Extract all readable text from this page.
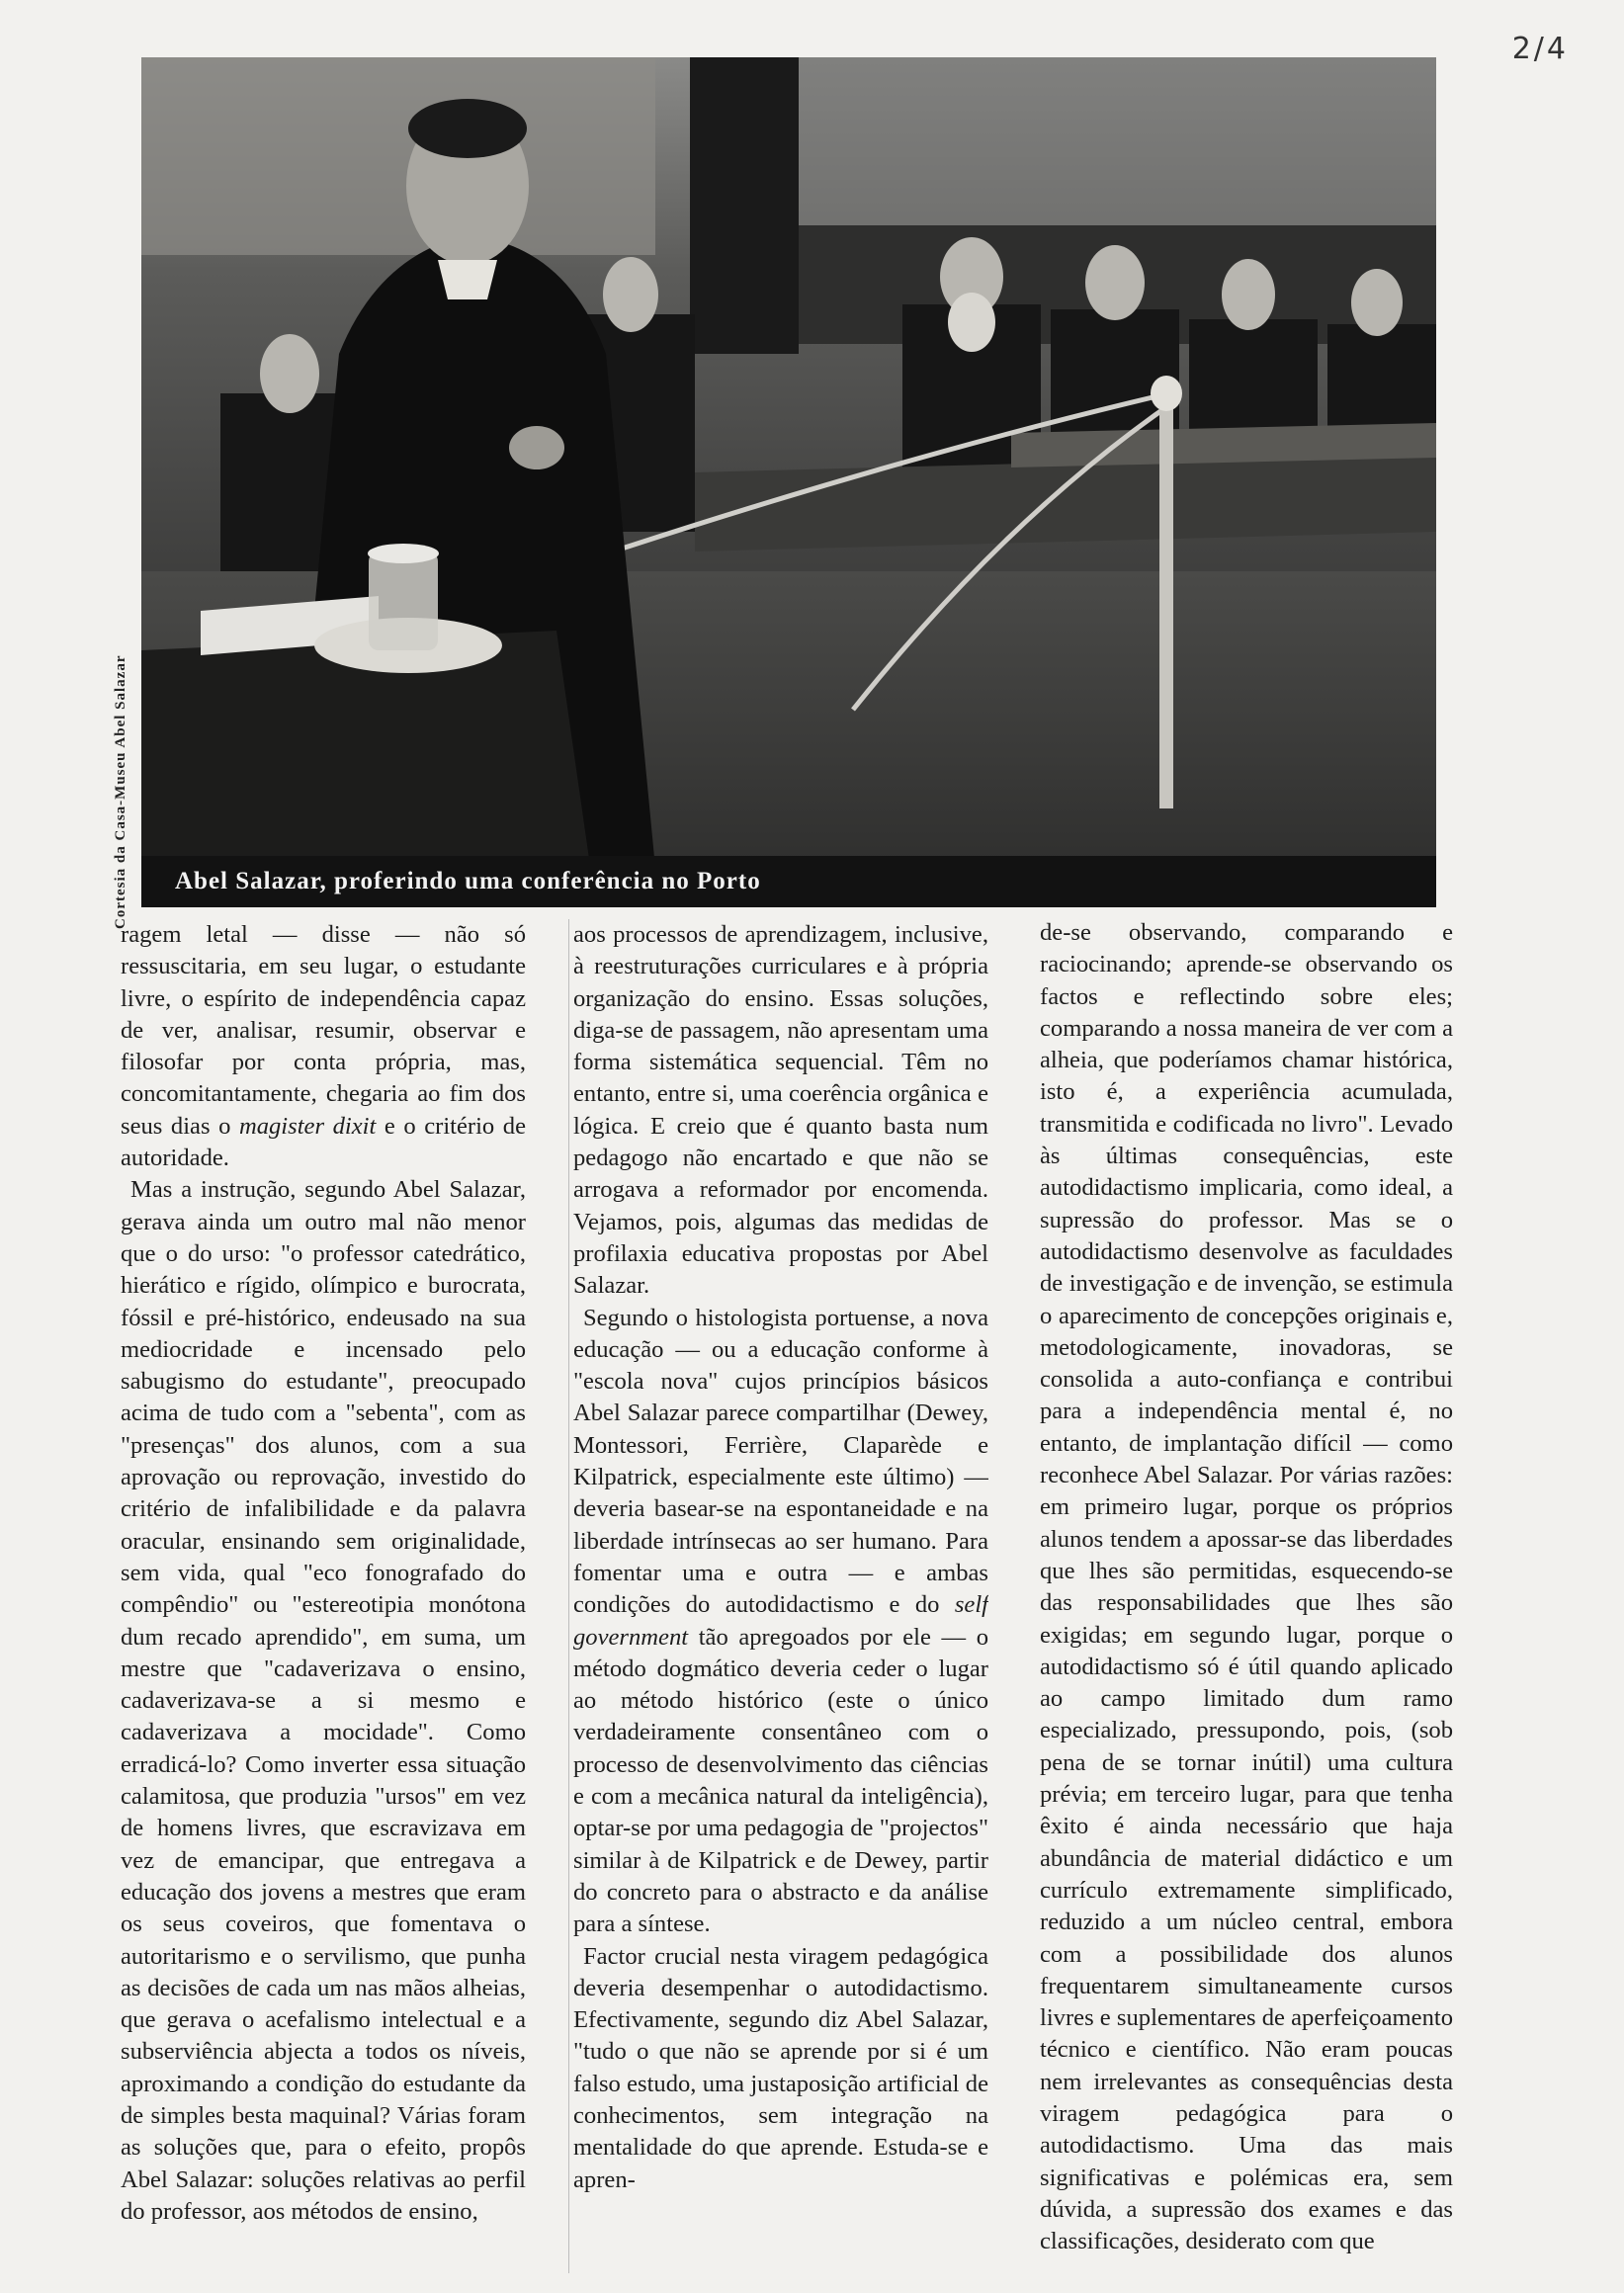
2/4
Abel Salazar, proferindo uma conferência no Porto
Cortesia da Casa-Museu Abel Salazar

ragem letal — disse — não só ressuscitaria, em seu lugar, o estudante livre, o espírito de independência capaz de ver, analisar, resumir, observar e filosofar por conta própria, mas, concomitantamente, chegaria ao fim dos seus dias o magister dixit e o critério de autoridade.

Mas a instrução, segundo Abel Salazar, gerava ainda um outro mal não menor que o do urso: "o professor catedrático, hierático e rígido, olímpico e burocrata, fóssil e pré-histórico, endeusado na sua mediocridade e incensado pelo sabugismo do estudante", preocupado acima de tudo com a "sebenta", com as "presenças" dos alunos, com a sua aprovação ou reprovação, investido do critério de infalibilidade e da palavra oracular, ensinando sem originalidade, sem vida, qual "eco fonografado do compêndio" ou "estereotipia monótona dum recado aprendido", em suma, um mestre que "cadaverizava o ensino, cadaverizava-se a si mesmo e cadaverizava a mocidade". Como erradicá-lo? Como inverter essa situação calamitosa, que produzia "ursos" em vez de homens livres, que escravizava em vez de emancipar, que entregava a educação dos jovens a mestres que eram os seus coveiros, que fomentava o autoritarismo e o servilismo, que punha as decisões de cada um nas mãos alheias, que gerava o acefalismo intelectual e a subserviência abjecta a todos os níveis, aproximando a condição do estudante da de simples besta maquinal? Várias foram as soluções que, para o efeito, propôs Abel Salazar: soluções relativas ao perfil do professor, aos métodos de ensino,

aos processos de aprendizagem, inclusive, à reestruturações curriculares e à própria organização do ensino. Essas soluções, diga-se de passagem, não apresentam uma forma sistemática sequencial. Têm no entanto, entre si, uma coerência orgânica e lógica. E creio que é quanto basta num pedagogo não encartado e que não se arrogava a reformador por encomenda. Vejamos, pois, algumas das medidas de profilaxia educativa propostas por Abel Salazar.

Segundo o histologista portuense, a nova educação — ou a educação conforme à "escola nova" cujos princípios básicos Abel Salazar parece compartilhar (Dewey, Montessori, Ferrière, Claparède e Kilpatrick, especialmente este último) — deveria basear-se na espontaneidade e na liberdade intrínsecas ao ser humano. Para fomentar uma e outra — e ambas condições do autodidactismo e do self government tão apregoados por ele — o método dogmático deveria ceder o lugar ao método histórico (este o único verdadeiramente consentâneo com o processo de desenvolvimento das ciências e com a mecânica natural da inteligência), optar-se por uma pedagogia de "projectos" similar à de Kilpatrick e de Dewey, partir do concreto para o abstracto e da análise para a síntese.

Factor crucial nesta viragem pedagógica deveria desempenhar o autodidactismo. Efectivamente, segundo diz Abel Salazar, "tudo o que não se aprende por si é um falso estudo, uma justaposição artificial de conhecimentos, sem integração na mentalidade do que aprende. Estuda-se e apren-

de-se observando, comparando e raciocinando; aprende-se observando os factos e reflectindo sobre eles; comparando a nossa maneira de ver com a alheia, que poderíamos chamar histórica, isto é, a experiência acumulada, transmitida e codificada no livro". Levado às últimas consequências, este autodidactismo implicaria, como ideal, a supressão do professor. Mas se o autodidactismo desenvolve as faculdades de investigação e de invenção, se estimula o aparecimento de concepções originais e, metodologicamente, inovadoras, se consolida a auto-confiança e contribui para a independência mental é, no entanto, de implantação difícil — como reconhece Abel Salazar. Por várias razões: em primeiro lugar, porque os próprios alunos tendem a apossar-se das liberdades que lhes são permitidas, esquecendo-se das responsabilidades que lhes são exigidas; em segundo lugar, porque o autodidactismo só é útil quando aplicado ao campo limitado dum ramo especializado, pressupondo, pois, (sob pena de se tornar inútil) uma cultura prévia; em terceiro lugar, para que tenha êxito é ainda necessário que haja abundância de material didáctico e um currículo extremamente simplificado, reduzido a um núcleo central, embora com a possibilidade dos alunos frequentarem simultaneamente cursos livres e suplementares de aperfeiçoamento técnico e científico. Não eram poucas nem irrelevantes as consequências desta viragem pedagógica para o autodidactismo. Uma das mais significativas e polémicas era, sem dúvida, a supressão dos exames e das classificações, desiderato com que
